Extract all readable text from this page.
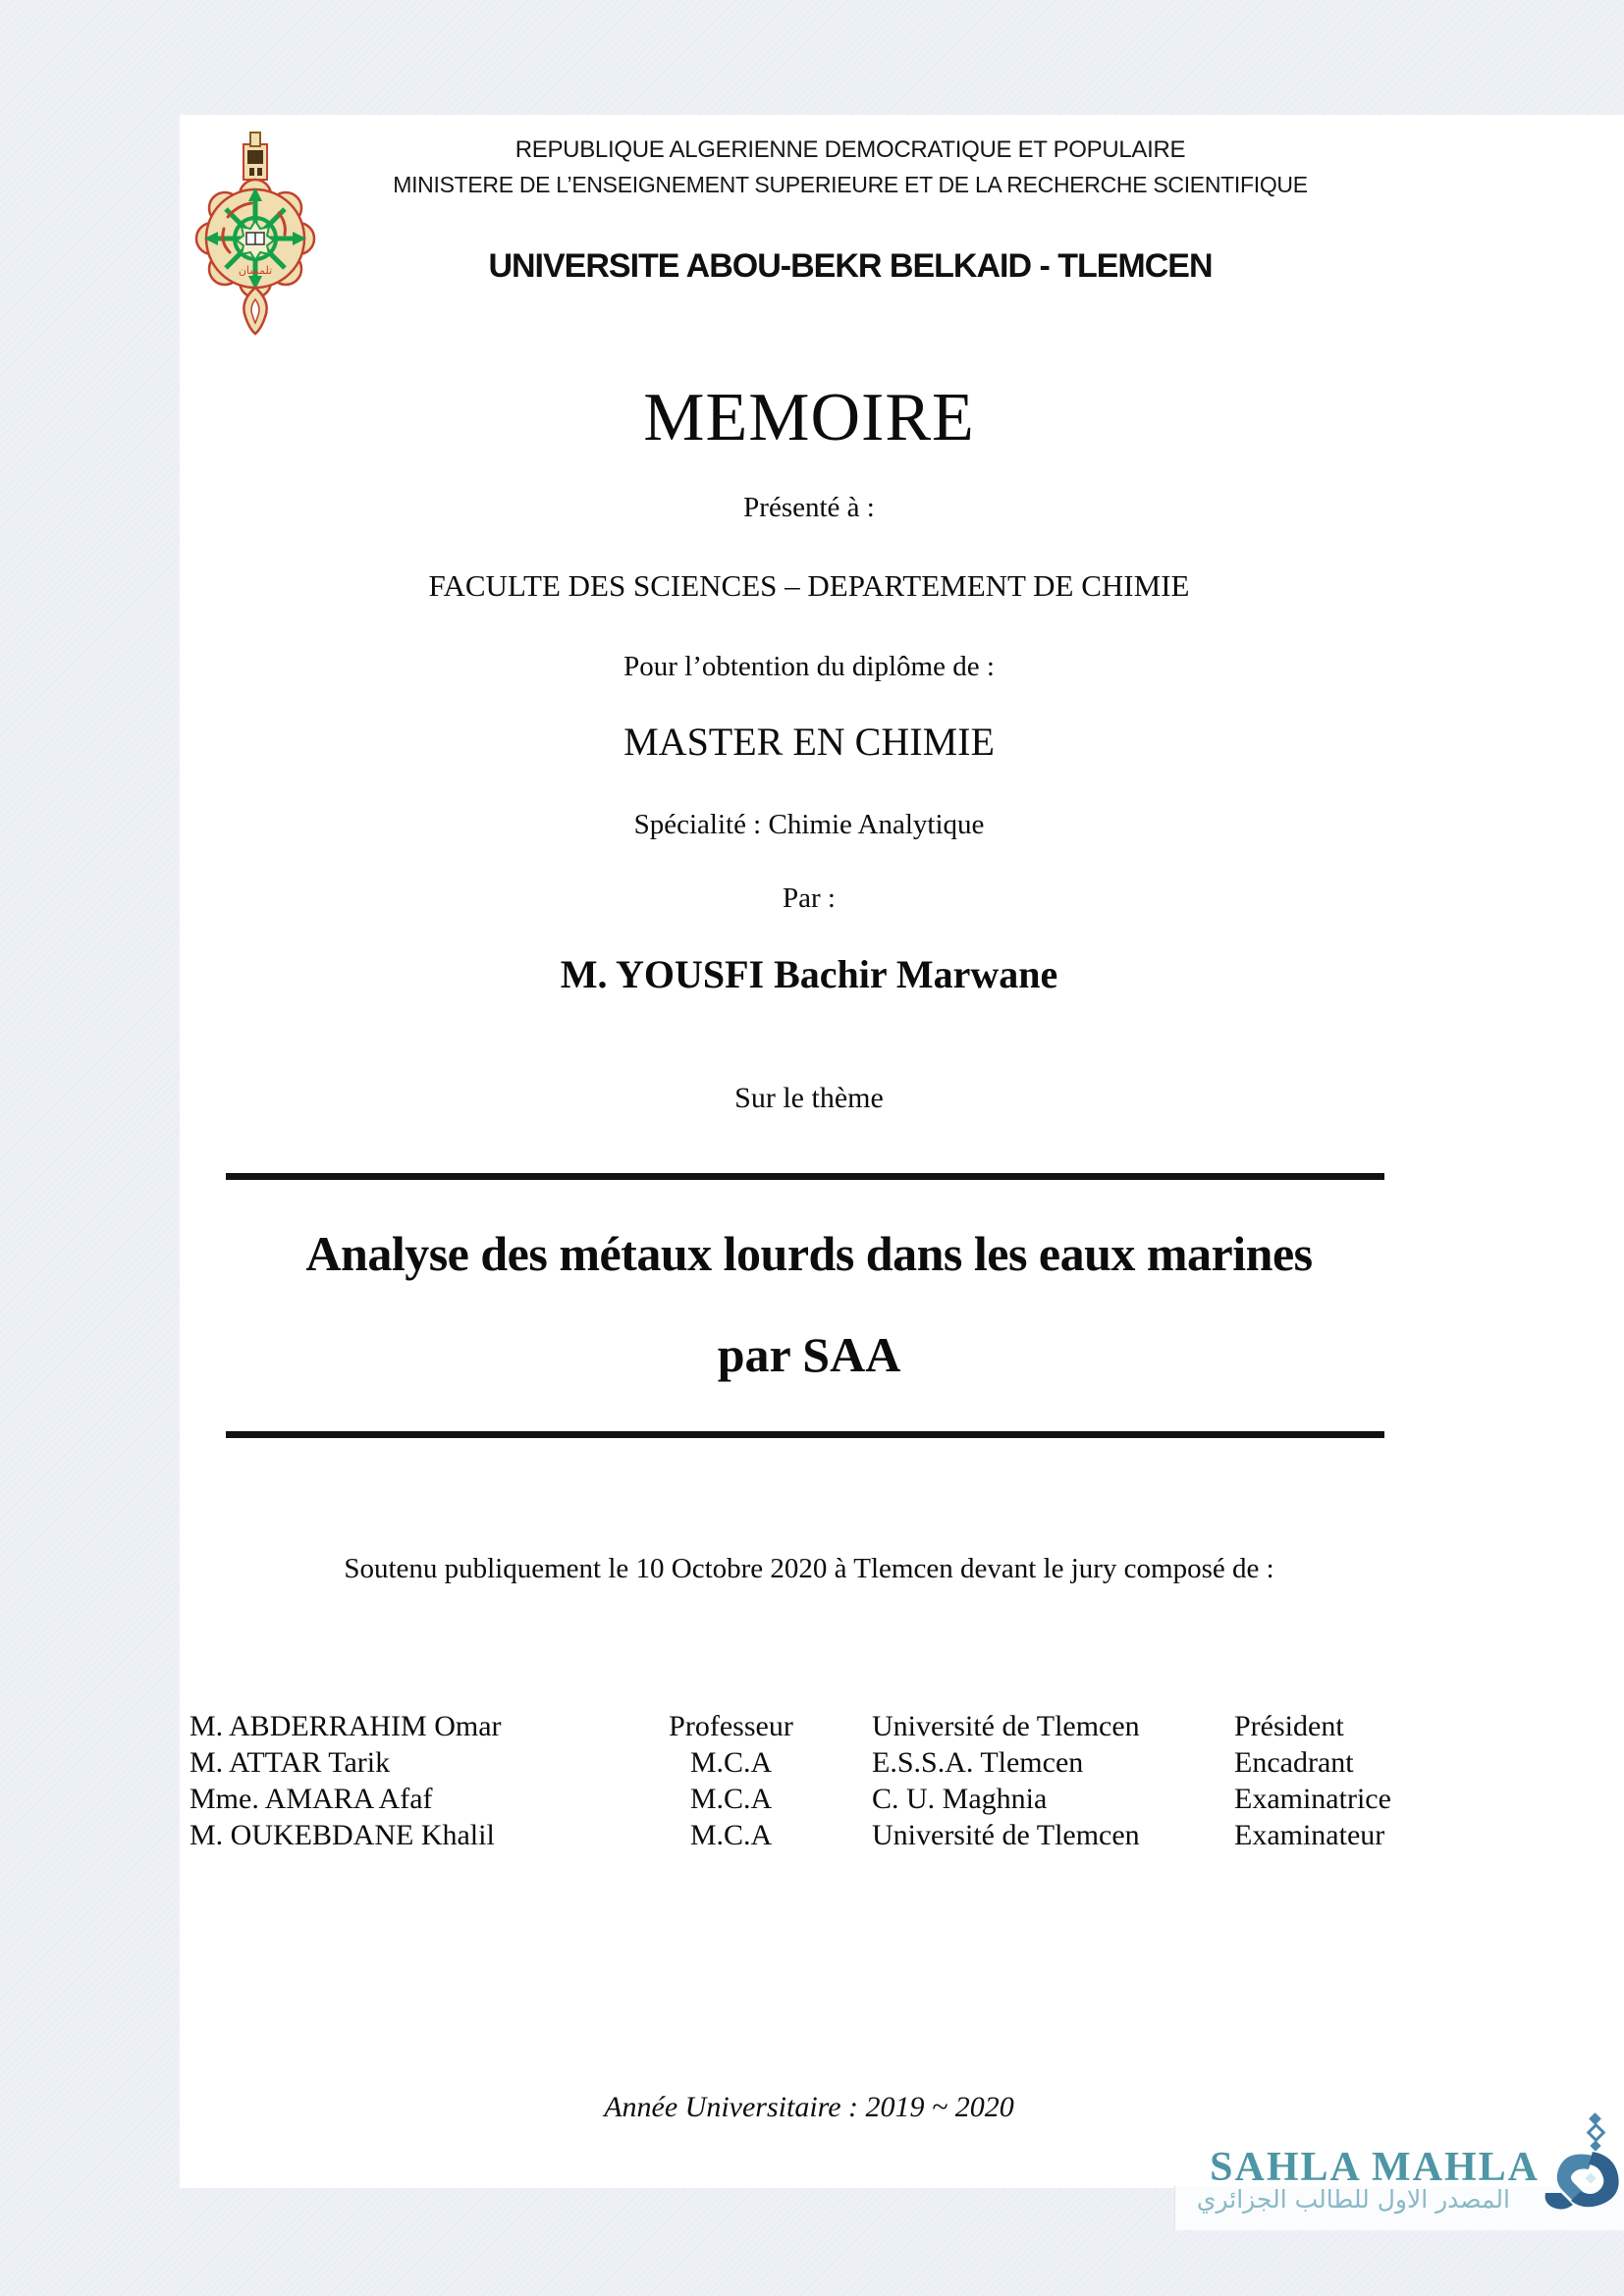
تلمسان
REPUBLIQUE ALGERIENNE DEMOCRATIQUE ET POPULAIRE
MINISTERE DE L’ENSEIGNEMENT SUPERIEURE ET DE LA RECHERCHE SCIENTIFIQUE
UNIVERSITE ABOU-BEKR BELKAID - TLEMCEN
MEMOIRE
Présenté à :
FACULTE DES SCIENCES – DEPARTEMENT DE CHIMIE
Pour l’obtention du diplôme de :
MASTER EN CHIMIE
Spécialité : Chimie Analytique
Par :
M. YOUSFI Bachir Marwane
Sur le thème
Analyse des métaux lourds dans les eaux marines
par SAA
Soutenu publiquement le 10 Octobre 2020 à Tlemcen devant le jury composé de :
M. ABDERRAHIM Omar	Professeur	Université de Tlemcen	Président
M. ATTAR Tarik	M.C.A	E.S.S.A. Tlemcen	Encadrant
Mme. AMARA Afaf	M.C.A	C. U. Maghnia	Examinatrice
M. OUKEBDANE Khalil	M.C.A	Université de Tlemcen	Examinateur
Année Universitaire : 2019 ~ 2020
SAHLA MAHLA
المصدر الاول للطالب الجزائري
